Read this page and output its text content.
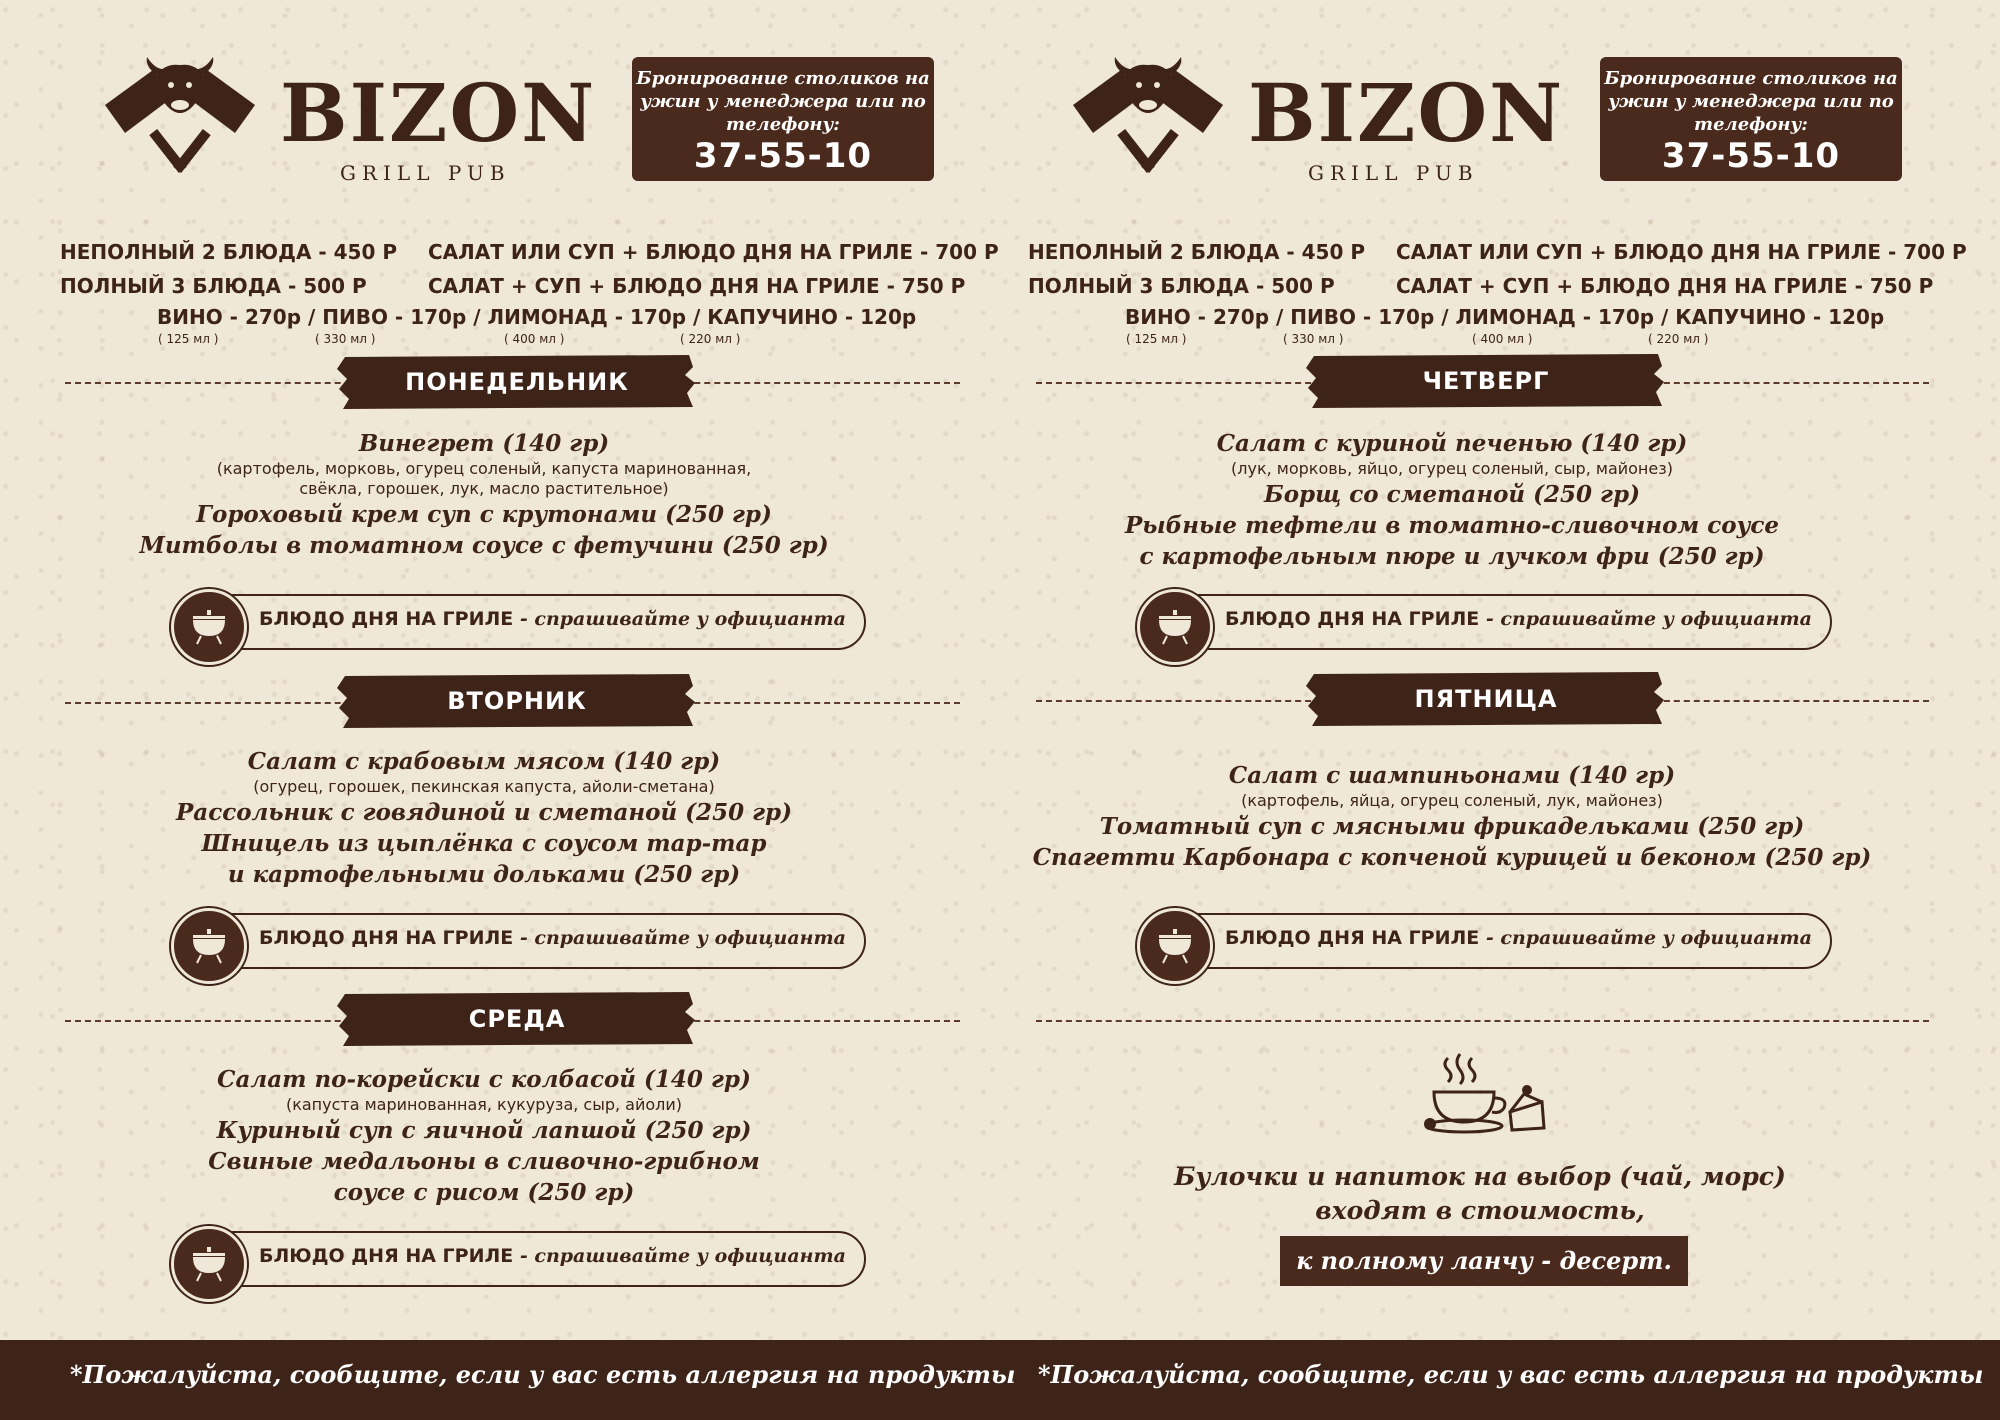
BIZON
GRILL PUB
Бронирование столиков на ужин у менеджера или по телефону:
37-55-10
НЕПОЛНЫЙ 2 БЛЮДА - 450 Р
ПОЛНЫЙ 3 БЛЮДА - 500 Р
САЛАТ ИЛИ СУП + БЛЮДО ДНЯ НА ГРИЛЕ - 700 Р
САЛАТ + СУП + БЛЮДО ДНЯ НА ГРИЛЕ - 750 Р
ВИНО - 270р / ПИВО - 170р / ЛИМОНАД - 170р / КАПУЧИНО - 120р
( 125 мл )	( 330 мл )	( 400 мл )	( 220 мл )
ПОНЕДЕЛЬНИК
Винегрет (140 гр)
(картофель, морковь, огурец соленый, капуста маринованная, свёкла, горошек, лук, масло растительное)
Гороховый крем суп с крутонами (250 гр)
Митболы в томатном соусе с фетучини (250 гр)
БЛЮДО ДНЯ НА ГРИЛЕ - спрашивайте у официанта
ВТОРНИК
Салат с крабовым мясом (140 гр)
(огурец, горошек, пекинская капуста, айоли-сметана)
Рассольник с говядиной и сметаной (250 гр)
Шницель из цыплёнка с соусом тар-тар
и картофельными дольками (250 гр)
БЛЮДО ДНЯ НА ГРИЛЕ - спрашивайте у официанта
СРЕДА
Салат по-корейски с колбасой (140 гр)
(капуста маринованная, кукуруза, сыр, айоли)
Куриный суп с яичной лапшой (250 гр)
Свиные медальоны в сливочно-грибном
соусе с рисом (250 гр)
БЛЮДО ДНЯ НА ГРИЛЕ - спрашивайте у официанта
BIZON
GRILL PUB
Бронирование столиков на ужин у менеджера или по телефону:
37-55-10
НЕПОЛНЫЙ 2 БЛЮДА - 450 Р
ПОЛНЫЙ 3 БЛЮДА - 500 Р
САЛАТ ИЛИ СУП + БЛЮДО ДНЯ НА ГРИЛЕ - 700 Р
САЛАТ + СУП + БЛЮДО ДНЯ НА ГРИЛЕ - 750 Р
ВИНО - 270р / ПИВО - 170р / ЛИМОНАД - 170р / КАПУЧИНО - 120р
( 125 мл )	( 330 мл )	( 400 мл )	( 220 мл )
ЧЕТВЕРГ
Салат с куриной печенью (140 гр)
(лук, морковь, яйцо, огурец соленый, сыр, майонез)
Борщ со сметаной (250 гр)
Рыбные тефтели в томатно-сливочном соусе
с картофельным пюре и лучком фри (250 гр)
БЛЮДО ДНЯ НА ГРИЛЕ - спрашивайте у официанта
ПЯТНИЦА
Салат с шампиньонами (140 гр)
(картофель, яйца, огурец соленый, лук, майонез)
Томатный суп с мясными фрикадельками (250 гр)
Спагетти Карбонара с копченой курицей и беконом (250 гр)
БЛЮДО ДНЯ НА ГРИЛЕ - спрашивайте у официанта
Булочки и напиток на выбор (чай, морс)
входят в стоимость,
к полному ланчу - десерт.
*Пожалуйста, сообщите, если у вас есть аллергия на продукты *Пожалуйста, сообщите, если у вас есть аллергия на продукты
